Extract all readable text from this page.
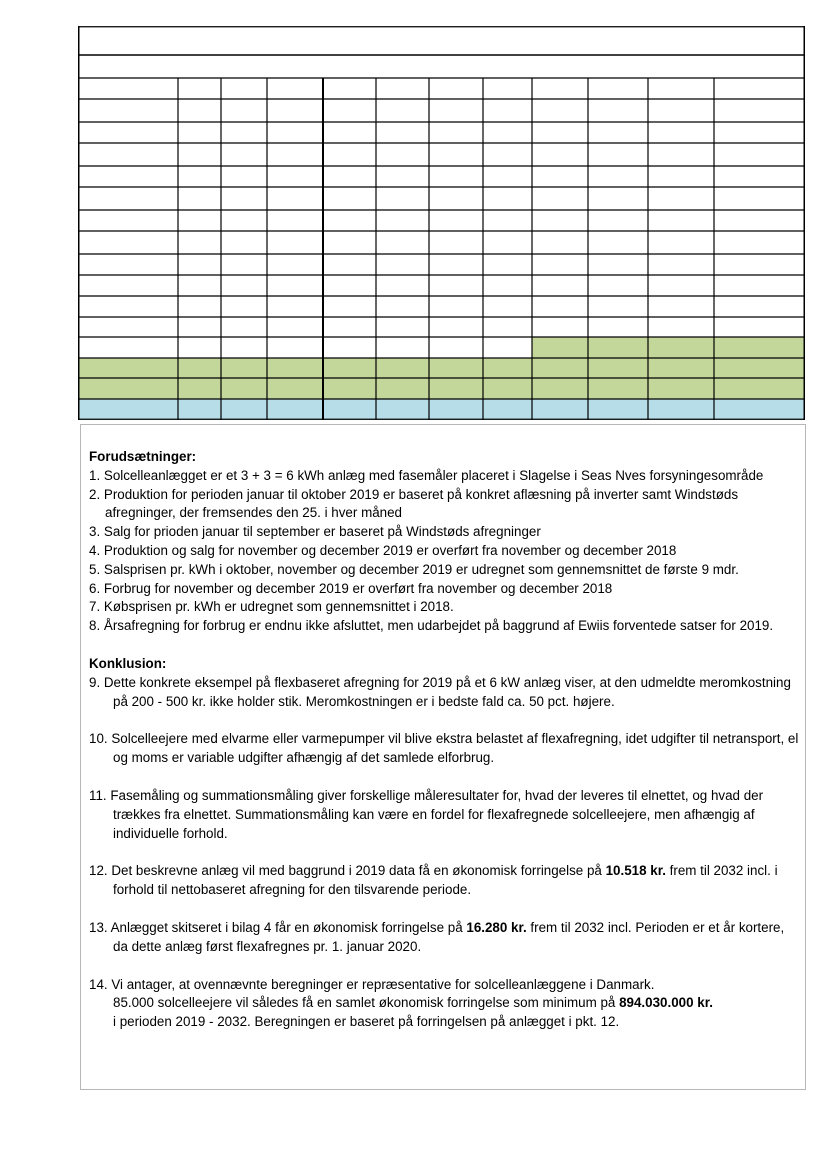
Forudsætninger:

1. Solcelleanlægget er et 3 + 3 = 6 kWh anlæg med fasemåler placeret i Slagelse i Seas Nves forsyningesområde

2. Produktion for perioden januar til oktober 2019 er baseret på konkret aflæsning på inverter samt Windstøds afregninger, der fremsendes den 25. i hver måned

3. Salg for prioden januar til september er baseret på Windstøds afregninger

4. Produktion og salg for november og december 2019 er overført fra november og december 2018

5. Salsprisen pr. kWh i oktober, november og december 2019 er udregnet som gennemsnittet de første 9 mdr.

6. Forbrug for november og december 2019 er overført fra november og december 2018

7. Købsprisen pr. kWh er udregnet som gennemsnittet i 2018.

8. Årsafregning for forbrug er endnu ikke afsluttet, men udarbejdet på baggrund af Ewiis forventede satser for 2019.

Konklusion:

9. Dette konkrete eksempel på flexbaseret afregning for 2019 på et 6 kW anlæg viser, at den udmeldte meromkostning på 200 - 500 kr. ikke holder stik. Meromkostningen er i bedste fald ca. 50 pct. højere.

10. Solcelleejere med elvarme eller varmepumper vil blive ekstra belastet af flexafregning, idet udgifter til netransport, el og moms er variable udgifter afhængig af det samlede elforbrug.

11. Fasemåling og summationsmåling giver forskellige måleresultater for, hvad der leveres til elnettet, og hvad der trækkes fra elnettet. Summationsmåling kan være en fordel for flexafregnede solcelleejere, men afhængig af individuelle forhold.

12. Det beskrevne anlæg vil med baggrund i 2019 data få en økonomisk forringelse på 10.518 kr. frem til 2032 incl. i forhold til nettobaseret afregning for den tilsvarende periode.

13. Anlægget skitseret i bilag 4 får en økonomisk forringelse på 16.280 kr. frem til 2032 incl. Perioden er et år kortere, da dette anlæg først flexafregnes pr. 1. januar 2020.

14. Vi antager, at ovennævnte beregninger er repræsentative for solcelleanlæggene i Danmark.

85.000 solcelleejere vil således få en samlet økonomisk forringelse som minimum på 894.030.000 kr.

i perioden 2019 - 2032. Beregningen er baseret på forringelsen på anlægget i pkt. 12.
